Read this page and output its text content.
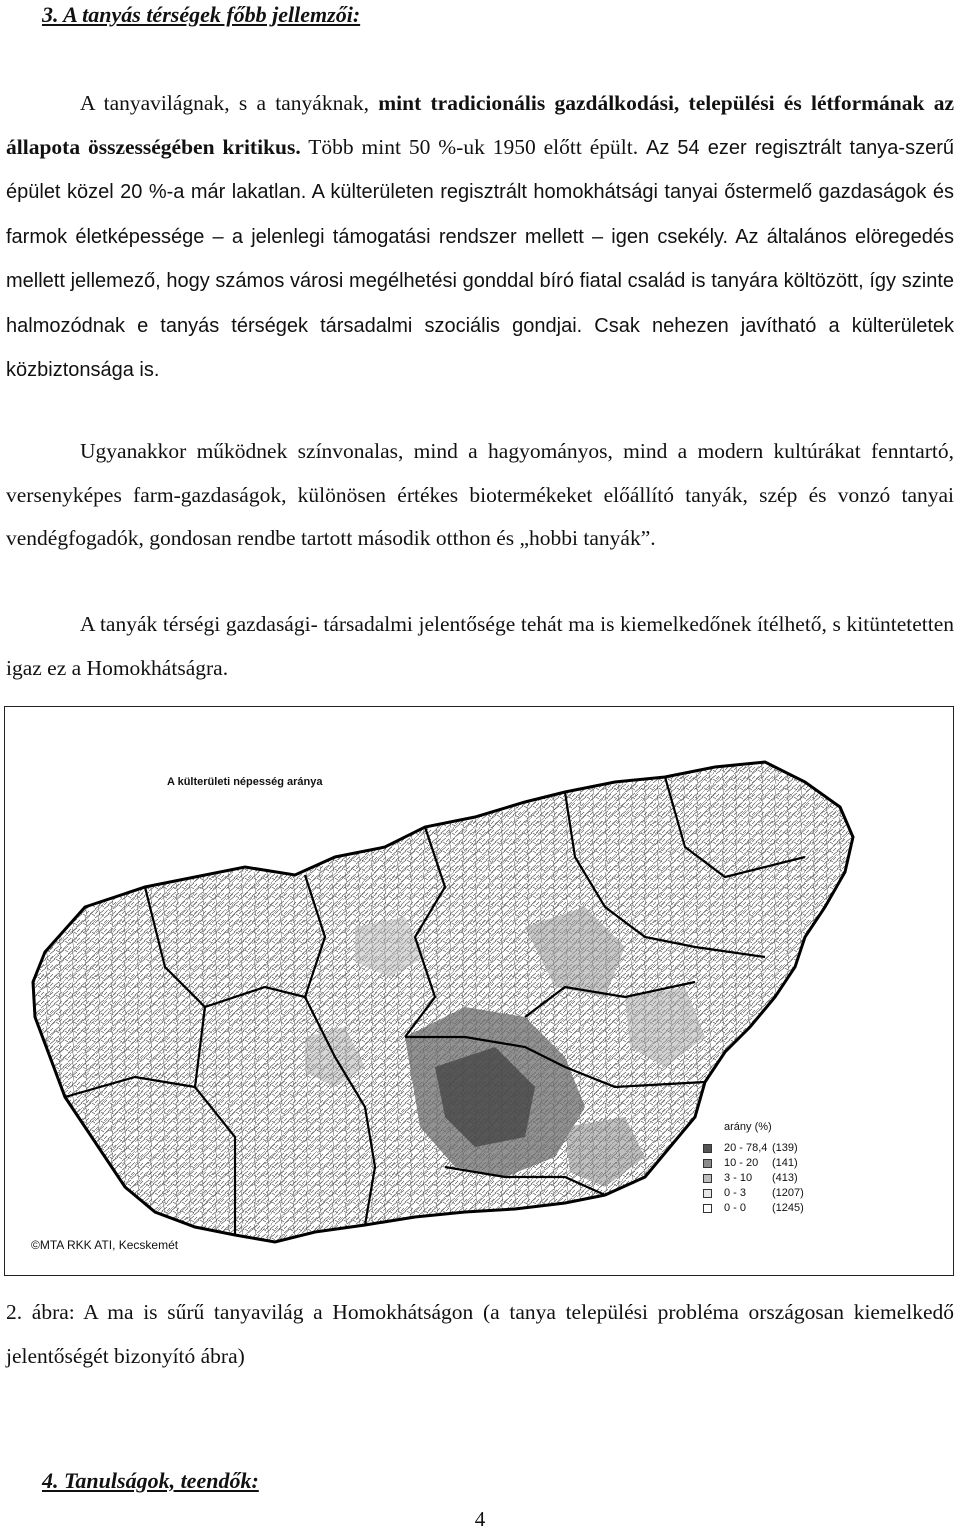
3. A tanyás térségek főbb jellemzői:

A tanyavilágnak, s a tanyáknak, mint tradicionális gazdálkodási, települési és létformának az állapota összességében kritikus. Több mint 50 %-uk 1950 előtt épült. Az 54 ezer regisztrált tanya-szerű épület közel 20 %-a már lakatlan. A külterületen regisztrált homokhátsági tanyai őstermelő gazdaságok és farmok életképessége – a jelenlegi támogatási rendszer mellett – igen csekély. Az általános elöregedés mellett jellemező, hogy számos városi megélhetési gonddal bíró fiatal család is tanyára költözött, így szinte halmozódnak e tanyás térségek társadalmi szociális gondjai. Csak nehezen javítható a külterületek közbiztonsága is.

Ugyanakkor működnek színvonalas, mind a hagyományos, mind a modern kultúrákat fenntartó, versenyképes farm-gazdaságok, különösen értékes biotermékeket előállító tanyák, szép és vonzó tanyai vendégfogadók, gondosan rendbe tartott második otthon és „hobbi tanyák”.

A tanyák térségi gazdasági- társadalmi jelentősége tehát ma is kiemelkedőnek ítélhető, s kitüntetetten igaz ez a Homokhátságra.

A külterületi népesség aránya
arány (%)
20 - 78,4 (139)
10 - 20 (141)
3 - 10 (413)
0 - 3 (1207)
0 - 0 (1245)
©MTA RKK ATI, Kecskemét

2. ábra: A ma is sűrű tanyavilág a Homokhátságon (a tanya települési probléma országosan kiemelkedő jelentőségét bizonyító ábra)

4. Tanulságok, teendők:

4
